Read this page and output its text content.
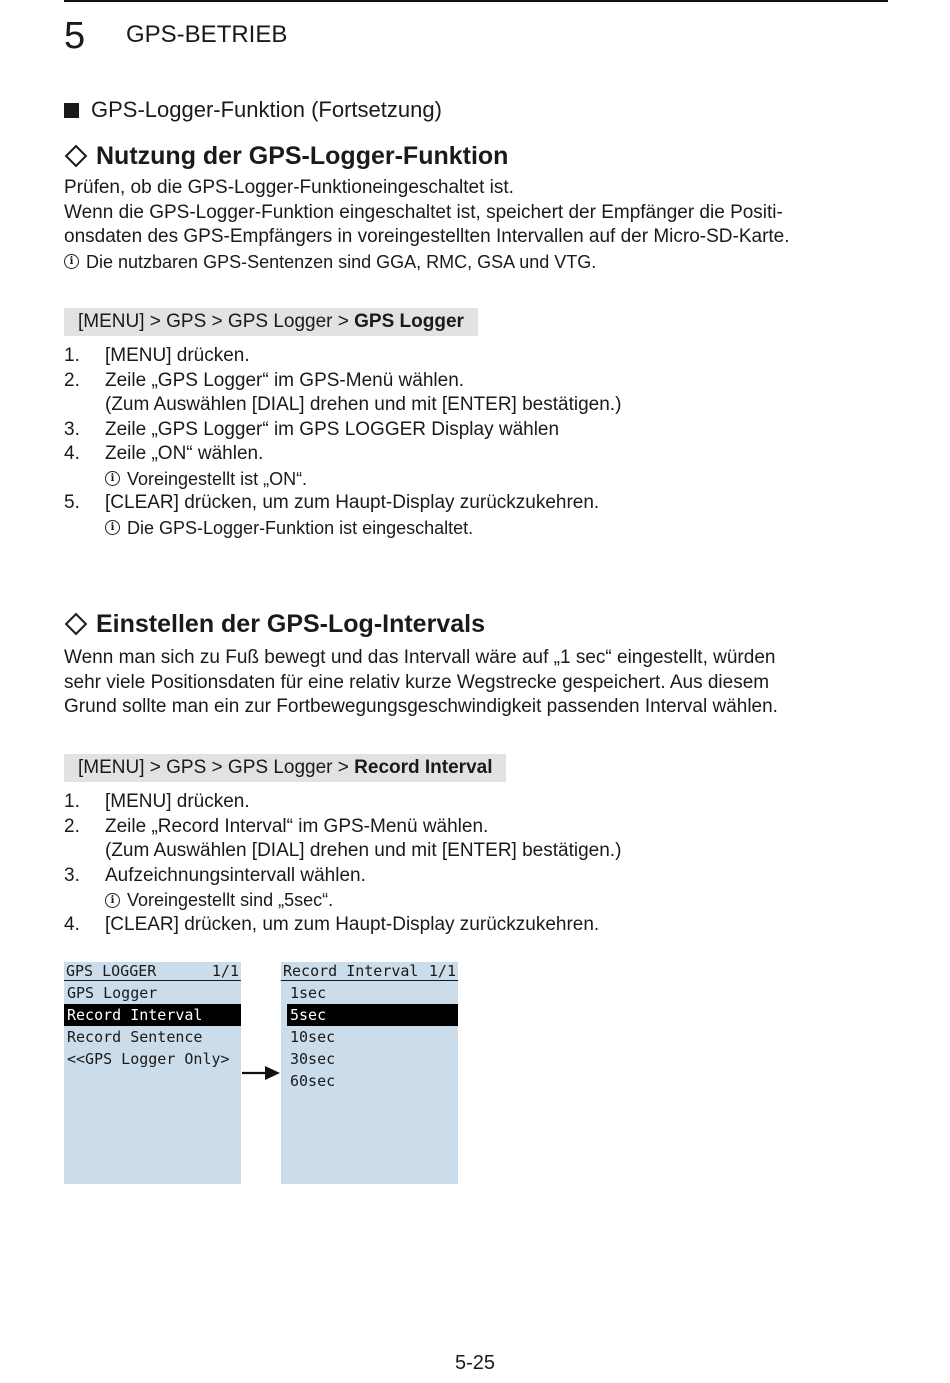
5 GPS-BETRIEB
GPS-Logger-Funktion (Fortsetzung)
Nutzung der GPS-Logger-Funktion

Prüfen, ob die GPS-Logger-Funktioneingeschaltet ist.

Wenn die GPS-Logger-Funktion eingeschaltet ist, speichert der Empfänger die Positi-

onsdaten des GPS-Empfängers in voreingestellten Intervallen auf der Micro-SD-Karte.

i Die nutzbaren GPS-Sentenzen sind GGA, RMC, GSA und VTG.
[MENU] > GPS > GPS Logger > GPS Logger
1.	[MENU] drücken.
2.	Zeile „GPS Logger“ im GPS-Menü wählen.
(Zum Auswählen [DIAL] drehen und mit [ENTER] bestätigen.)
3.	Zeile „GPS Logger“ im GPS LOGGER Display wählen
4.	Zeile „ON“ wählen.
i Voreingestellt ist „ON“.
5.	[CLEAR] drücken, um zum Haupt-Display zurückzukehren.
i Die GPS-Logger-Funktion ist eingeschaltet.
Einstellen der GPS-Log-Intervals

Wenn man sich zu Fuß bewegt und das Intervall wäre auf „1 sec“ eingestellt, würden

sehr viele Positionsdaten für eine relativ kurze Wegstrecke gespeichert. Aus diesem

Grund sollte man ein zur Fortbewegungsgeschwindigkeit passenden Interval wählen.

[MENU] > GPS > GPS Logger > Record Interval
1.	[MENU] drücken.
2.	Zeile „Record Interval“ im GPS-Menü wählen.
(Zum Auswählen [DIAL] drehen und mit [ENTER] bestätigen.)
3.	Aufzeichnungsintervall wählen.
i Voreingestellt sind „5sec“.
4.	[CLEAR] drücken, um zum Haupt-Display zurückzukehren.
GPS LOGGER	1/1
GPS Logger
Record Interval
Record Sentence
<<GPS Logger Only>
Record Interval 1/1
1sec
5sec
10sec
30sec
60sec
5-25
